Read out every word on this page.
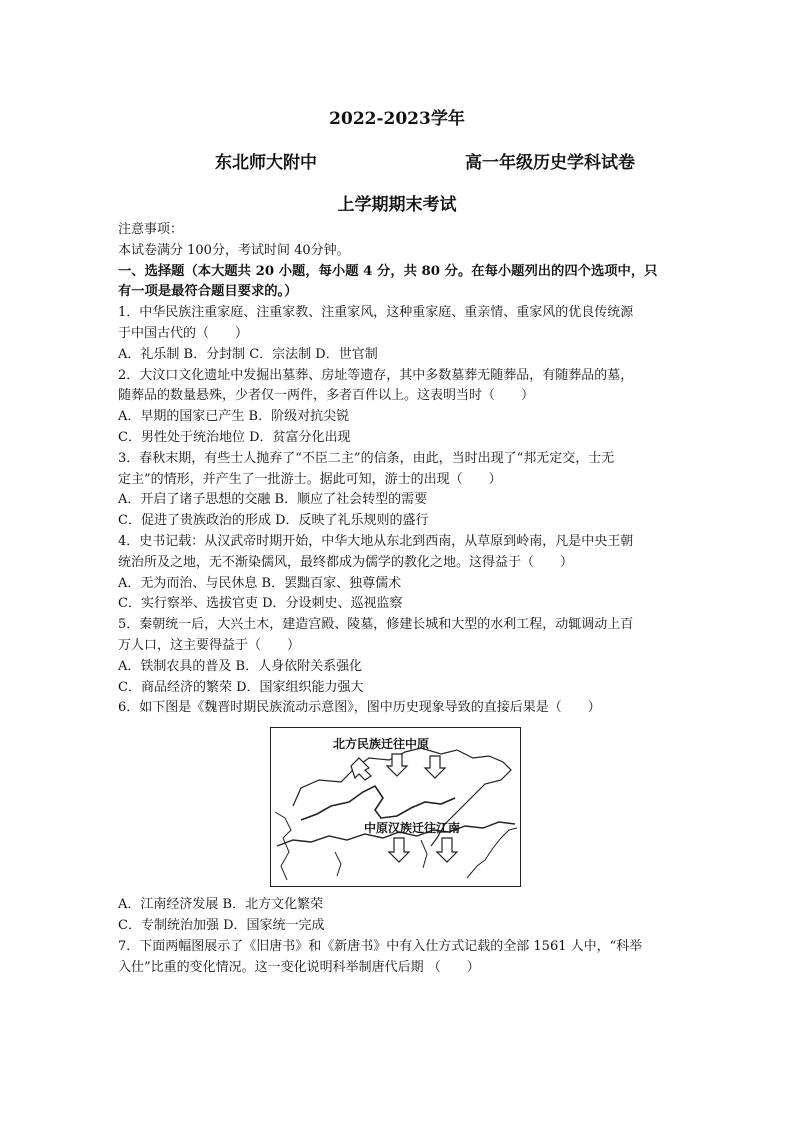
2022-2023学年
东北师大附中	高一年级历史学科试卷
上学期期末考试

注意事项：

本试卷满分 100分，考试时间 40分钟。

一、选择题（本大题共 20 小题，每小题 4 分，共 80 分。在每小题列出的四个选项中，只

有一项是最符合题目要求的。）

1．中华民族注重家庭、注重家教、注重家风，这种重家庭、重亲情、重家风的优良传统源

于中国古代的（　　）

A．礼乐制 B．分封制 C．宗法制 D．世官制

2．大汶口文化遗址中发掘出墓葬、房址等遗存，其中多数墓葬无随葬品，有随葬品的墓，

随葬品的数量悬殊，少者仅一两件，多者百件以上。这表明当时（　　）

A．早期的国家已产生 B．阶级对抗尖锐

C．男性处于统治地位 D．贫富分化出现

3．春秋末期，有些士人抛弃了“不臣二主”的信条，由此，当时出现了“邦无定交，士无

定主”的情形，并产生了一批游士。据此可知，游士的出现（　　）

A．开启了诸子思想的交融 B．顺应了社会转型的需要

C．促进了贵族政治的形成 D．反映了礼乐规则的盛行

4．史书记载：从汉武帝时期开始，中华大地从东北到西南，从草原到岭南，凡是中央王朝

统治所及之地，无不渐染儒风，最终都成为儒学的教化之地。这得益于（　　）

A．无为而治、与民休息 B．罢黜百家、独尊儒术

C．实行察举、选拔官吏 D．分设刺史、巡视监察

5．秦朝统一后，大兴土木，建造宫殿、陵墓，修建长城和大型的水利工程，动辄调动上百

万人口，这主要得益于（　　）

A．铁制农具的普及 B．人身依附关系强化

C．商品经济的繁荣 D．国家组织能力强大

6．如下图是《魏晋时期民族流动示意图》，图中历史现象导致的直接后果是（　　）

北方民族迁往中原
中原汉族迁往江南

A．江南经济发展 B．北方文化繁荣

C．专制统治加强 D．国家统一完成

7．下面两幅图展示了《旧唐书》和《新唐书》中有入仕方式记载的全部 1561 人中，“科举

入仕”比重的变化情况。这一变化说明科举制唐代后期 （　　）
